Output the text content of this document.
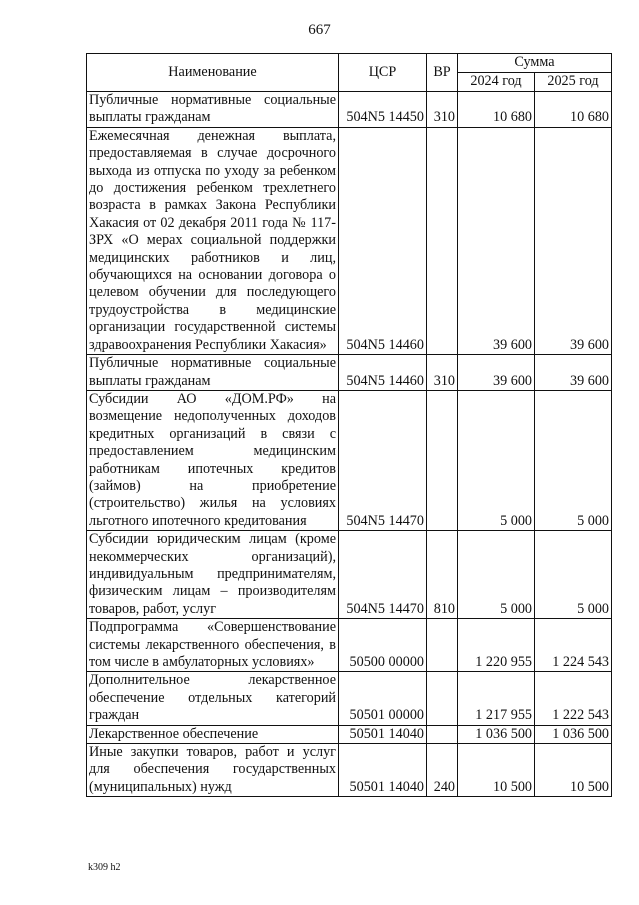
667
Наименование	ЦСР	ВР	Сумма	
			2024 год	2025 год
Публичные нормативные социальные выплаты гражданам	504N5 14450	310	10 680	10 680
Ежемесячная денежная выплата, предоставляемая в случае досрочного выхода из отпуска по уходу за ребенком до достижения ребенком трехлетнего возраста в рамках Закона Республики Хакасия от 02 декабря 2011 года № 117-ЗРХ «О мерах социальной поддержки медицинских работников и лиц, обучающихся на основании договора о целевом обучении для последующего трудоустройства в медицинские организации государственной системы здравоохранения Республики Хакасия»	504N5 14460		39 600	39 600
Публичные нормативные социальные выплаты гражданам	504N5 14460	310	39 600	39 600
Субсидии АО «ДОМ.РФ» на возмещение недополученных доходов кредитных организаций в связи с предоставлением медицинским работникам ипотечных кредитов (займов) на приобретение (строительство) жилья на условиях льготного ипотечного кредитования	504N5 14470		5 000	5 000
Субсидии юридическим лицам (кроме некоммерческих организаций), индивидуальным предпринимателям, физическим лицам – производителям товаров, работ, услуг	504N5 14470	810	5 000	5 000
Подпрограмма «Совершенствование системы лекарственного обеспечения, в том числе в амбулаторных условиях»	50500 00000		1 220 955	1 224 543
Дополнительное лекарственное обеспечение отдельных категорий граждан	50501 00000		1 217 955	1 222 543
Лекарственное обеспечение	50501 14040		1 036 500	1 036 500
Иные закупки товаров, работ и услуг для обеспечения государственных (муниципальных) нужд	50501 14040	240	10 500	10 500
k309 h2
